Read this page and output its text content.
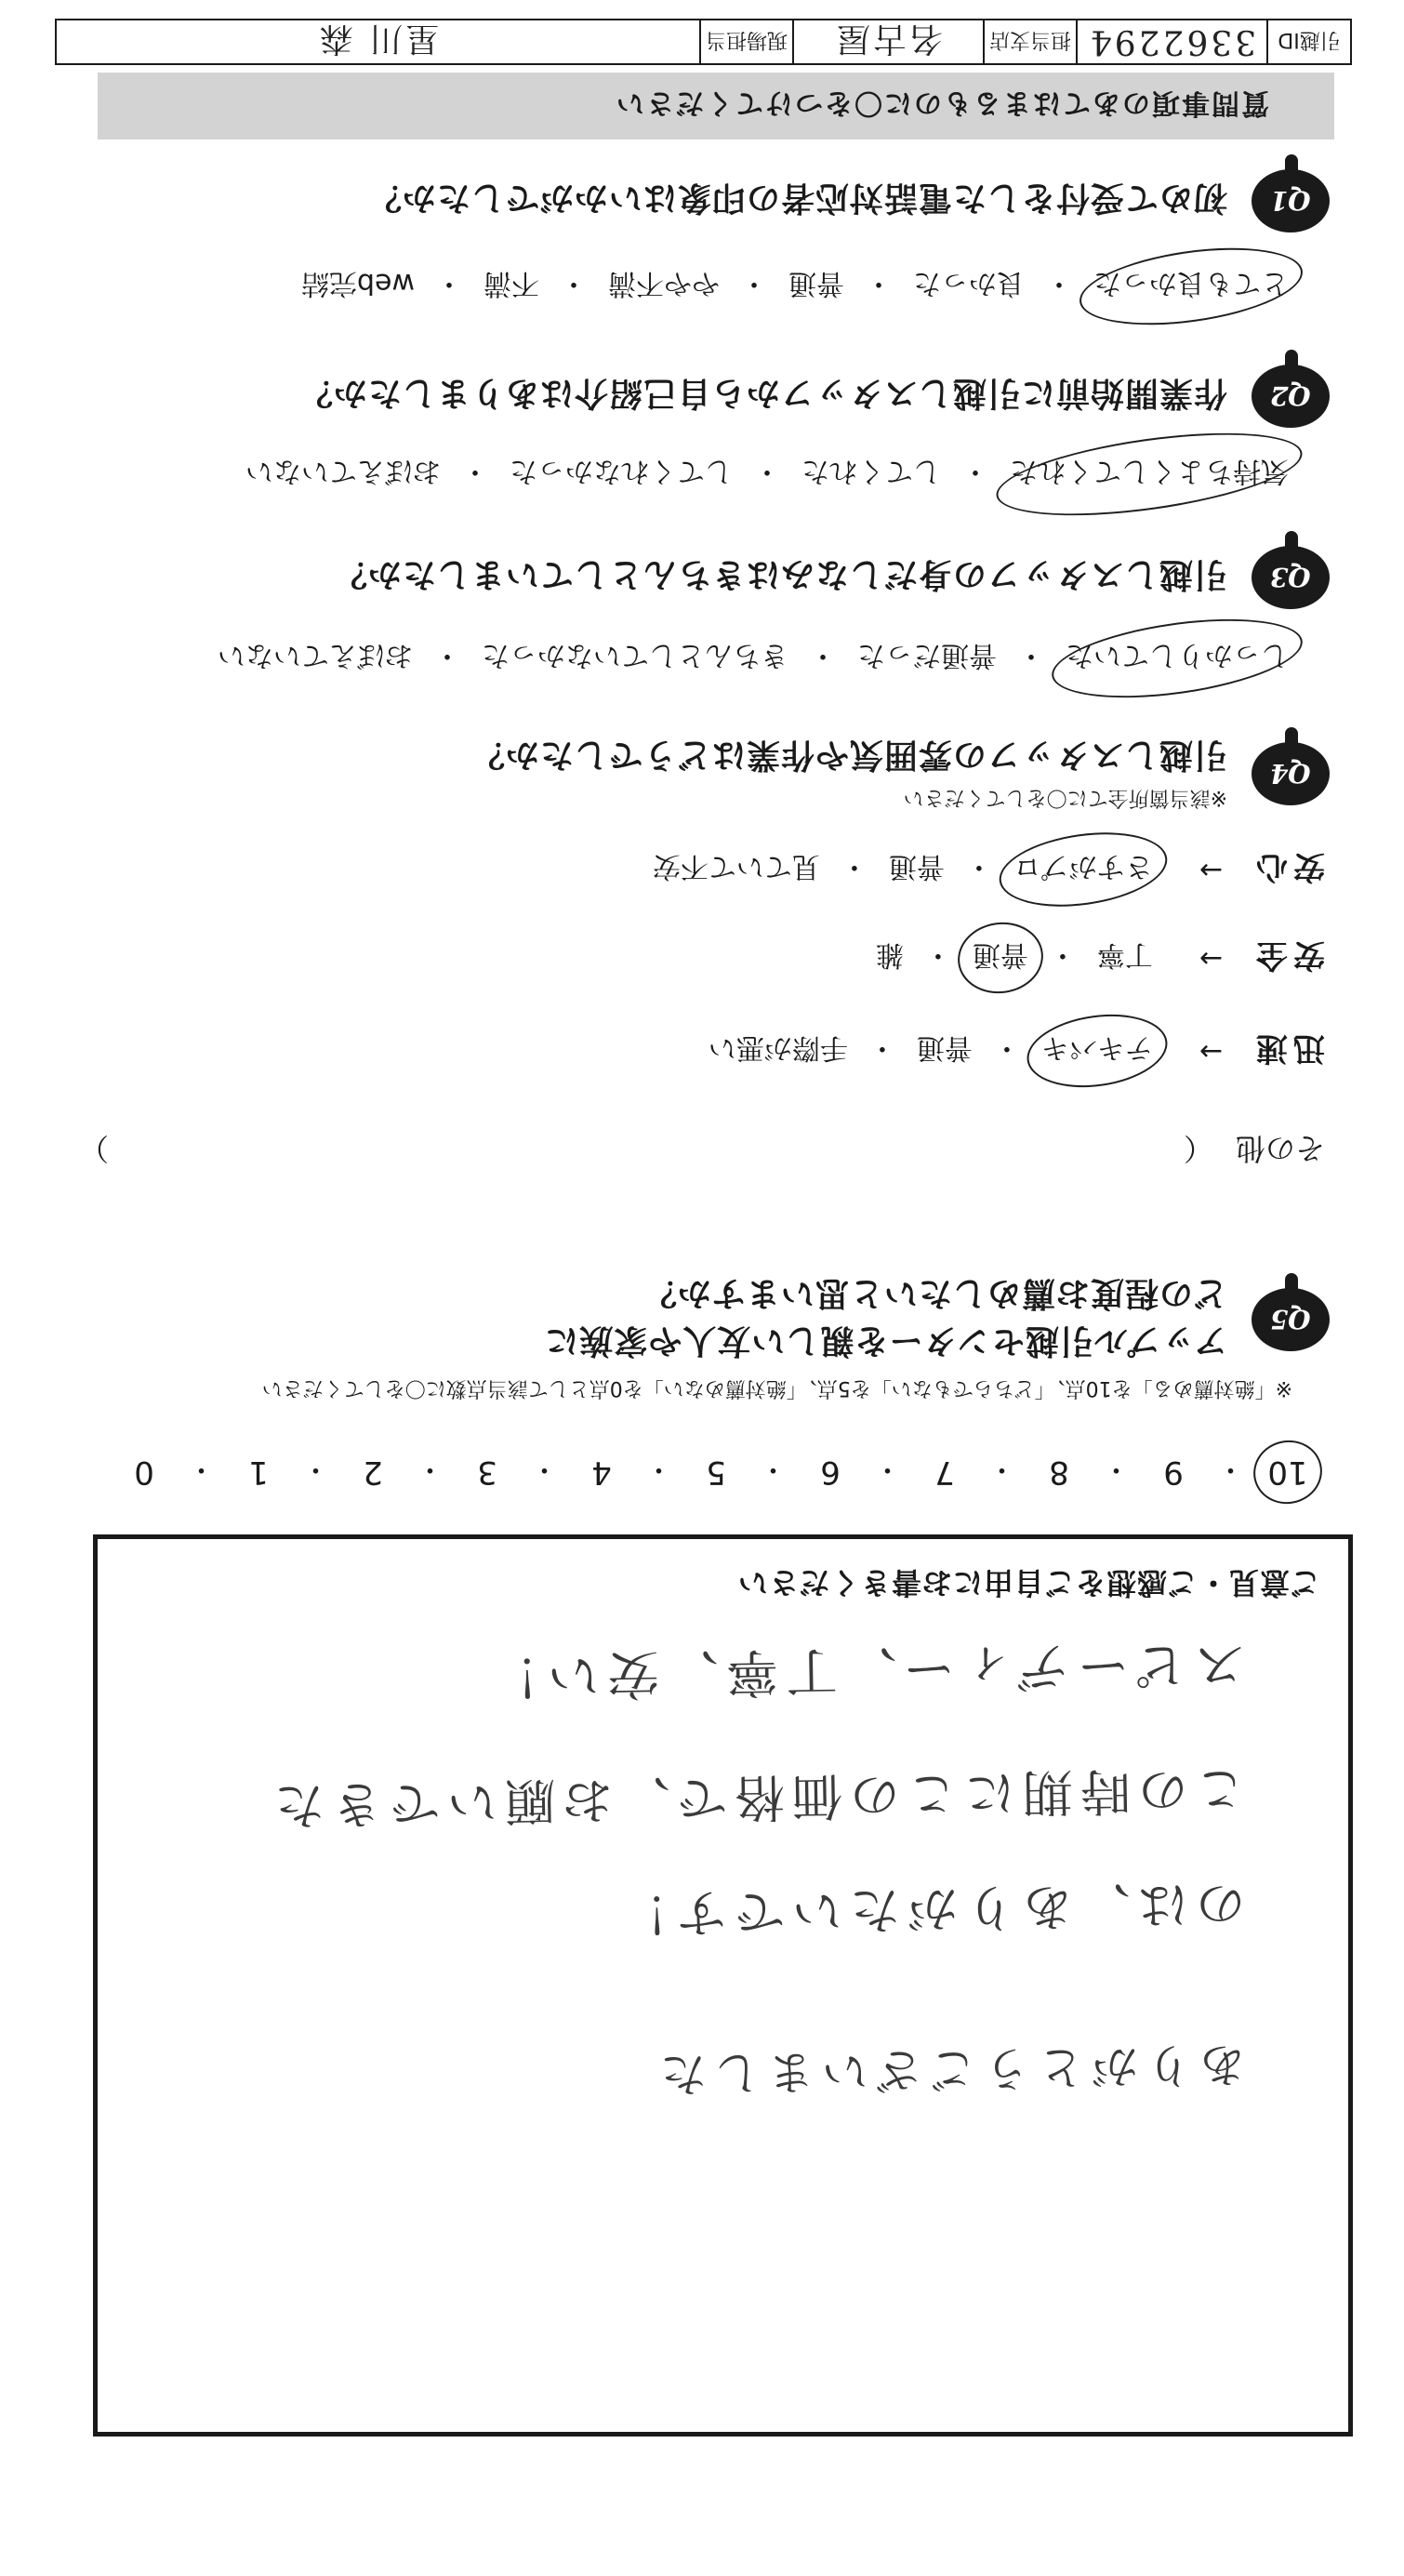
質問事項のあてはまるものに〇をつけてください
Q1
初めて受付をした電話対応者の印象はいかがでしたか？
とても良かった
・
良かった
・
普通
・
やや不満
・
不満
・
web完結
Q2
作業開始前に引越しスタッフから自己紹介はありましたか？
気持ちよくしてくれた
・
してくれた
・
してくれなかった
・
おぼえていない
Q3
引越しスタッフの身だしなみはきちんとしていましたか？
しっかりしていた
・
普通だった
・
きちんとしていなかった
・
おぼえていない
Q4
※該当箇所全てに〇をしてください
引越しスタッフの雰囲気や作業はどうでしたか？
安心
→
さすがプロ
・
普通
・
見ていて不安
安全
→
丁寧
・
普通
・
雑
迅速
→
テキパキ
・
普通
・
手際が悪い
その他
（
）
Q5
アップル引越センターを親しい友人や家族に
どの程度お薦めしたいと思いますか？
※「絶対薦める」を10点、「どちらでもない」を5点、「絶対薦めない」を0点として該当点数に〇をしてください
10
・
9
・
8
・
7
・
6
・
5
・
4
・
3
・
2
・
1
・
0
ご意見・ご感想をご自由にお書きください
スピーディー、丁寧、安い！
この時期にこの価格で、お願いできた
のは、ありがたいです！
ありがとうございました
引越ID
3362294
担当支店
名古屋
現場担当
星川 森
